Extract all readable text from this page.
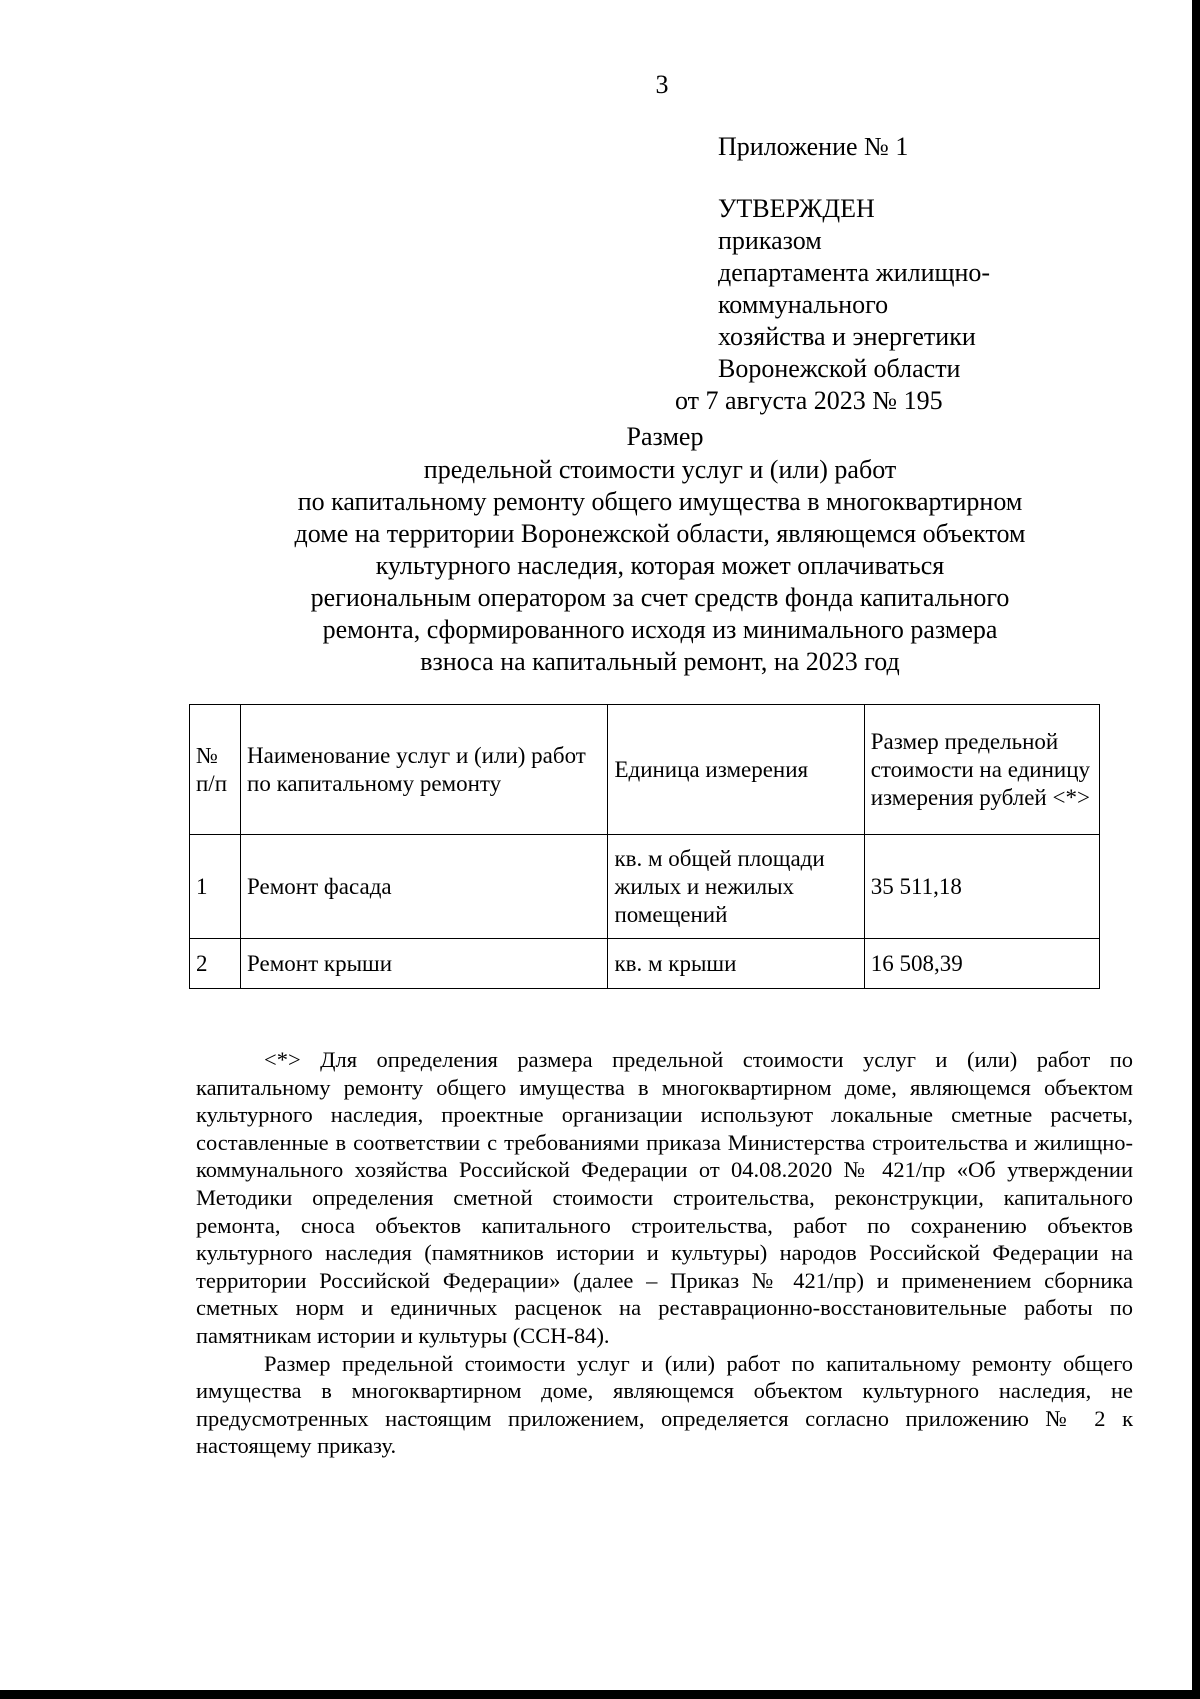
3
Приложение № 1
УТВЕРЖДЕН
приказом
департамента жилищно-
коммунального
хозяйства и энергетики
Воронежской области
от 7 августа 2023 № 195
Размер
предельной стоимости услуг и (или) работ
по капитальному ремонту общего имущества в многоквартирном
доме на территории Воронежской области, являющемся объектом
культурного наследия, которая может оплачиваться
региональным оператором за счет средств фонда капитального
ремонта, сформированного исходя из минимального размера
взноса на капитальный ремонт, на 2023 год
№ п/п	Наименование услуг и (или) работ по капитальному ремонту	Единица измерения	Размер предельной стоимости на единицу измерения рублей <*>
1	Ремонт фасада	кв. м общей площади жилых и нежилых помещений	35 511,18
2	Ремонт крыши	кв. м крыши	16 508,39

<*> Для определения размера предельной стоимости услуг и (или) работ по капитальному ремонту общего имущества в многоквартирном доме, являющемся объектом культурного наследия, проектные организации используют локальные сметные расчеты, составленные в соответствии с требованиями приказа Министерства строительства и жилищно-коммунального хозяйства Российской Федерации от 04.08.2020 № 421/пр «Об утверждении Методики определения сметной стоимости строительства, реконструкции, капитального ремонта, сноса объектов капитального строительства, работ по сохранению объектов культурного наследия (памятников истории и культуры) народов Российской Федерации на территории Российской Федерации» (далее – Приказ № 421/пр) и применением сборника сметных норм и единичных расценок на реставрационно-восстановительные работы по памятникам истории и культуры (ССН-84).

Размер предельной стоимости услуг и (или) работ по капитальному ремонту общего имущества в многоквартирном доме, являющемся объектом культурного наследия, не предусмотренных настоящим приложением, определяется согласно приложению № 2 к настоящему приказу.
